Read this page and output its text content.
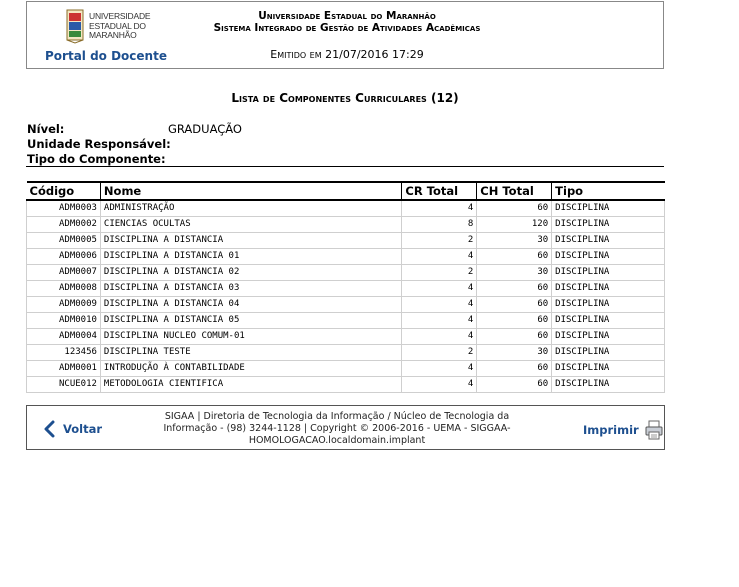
UNIVERSIDADE
ESTADUAL DO
MARANHÃO
Portal do Docente
Universidade Estadual do Maranhão
Sistema Integrado de Gestão de Atividades Acadêmicas
Emitido em 21/07/2016 17:29
Lista de Componentes Curriculares (12)
Nível:	GRADUAÇÃO
Unidade Responsável:
Tipo do Componente:
Código	Nome	CR Total	CH Total	Tipo
ADM0003	ADMINISTRAÇÃO	4	60	DISCIPLINA
ADM0002	CIENCIAS OCULTAS	8	120	DISCIPLINA
ADM0005	DISCIPLINA A DISTANCIA	2	30	DISCIPLINA
ADM0006	DISCIPLINA A DISTANCIA 01	4	60	DISCIPLINA
ADM0007	DISCIPLINA A DISTANCIA 02	2	30	DISCIPLINA
ADM0008	DISCIPLINA A DISTANCIA 03	4	60	DISCIPLINA
ADM0009	DISCIPLINA A DISTANCIA 04	4	60	DISCIPLINA
ADM0010	DISCIPLINA A DISTANCIA 05	4	60	DISCIPLINA
ADM0004	DISCIPLINA NUCLEO COMUM-01	4	60	DISCIPLINA
123456	DISCIPLINA TESTE	2	30	DISCIPLINA
ADM0001	INTRODUÇÃO À CONTABILIDADE	4	60	DISCIPLINA
NCUE012	METODOLOGIA CIENTIFICA	4	60	DISCIPLINA
Voltar
SIGAA | Diretoria de Tecnologia da Informação / Núcleo de Tecnologia da
Informação - (98) 3244-1128 | Copyright © 2006-2016 - UEMA - SIGGAA-
HOMOLOGACAO.localdomain.implant
Imprimir
